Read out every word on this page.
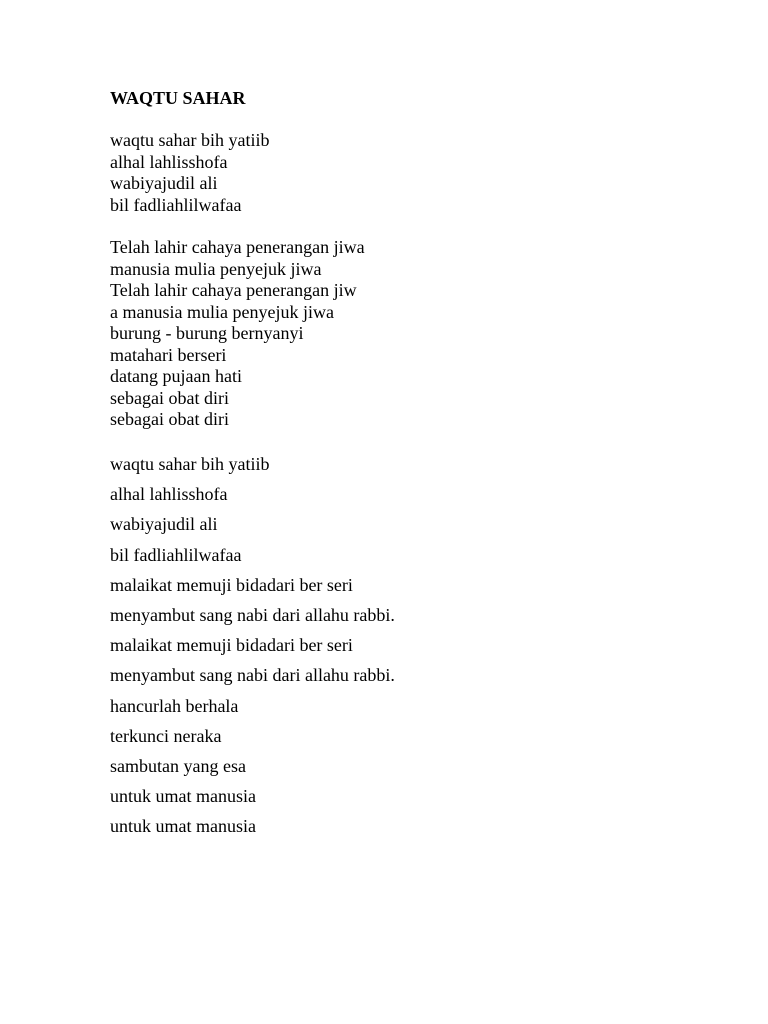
WAQTU SAHAR
waqtu sahar bih yatiib
alhal lahlisshofa
wabiyajudil ali
bil fadliahlilwafaa
Telah lahir cahaya penerangan jiwa
manusia mulia penyejuk jiwa
Telah lahir cahaya penerangan jiw
a manusia mulia penyejuk jiwa
burung - burung bernyanyi
matahari berseri
datang pujaan hati
sebagai obat diri
sebagai obat diri
waqtu sahar bih yatiib
alhal lahlisshofa
wabiyajudil ali
bil fadliahlilwafaa
malaikat memuji bidadari ber seri
menyambut sang nabi dari allahu rabbi.
malaikat memuji bidadari ber seri
menyambut sang nabi dari allahu rabbi.
hancurlah berhala
terkunci neraka
sambutan yang esa
untuk umat manusia
untuk umat manusia
